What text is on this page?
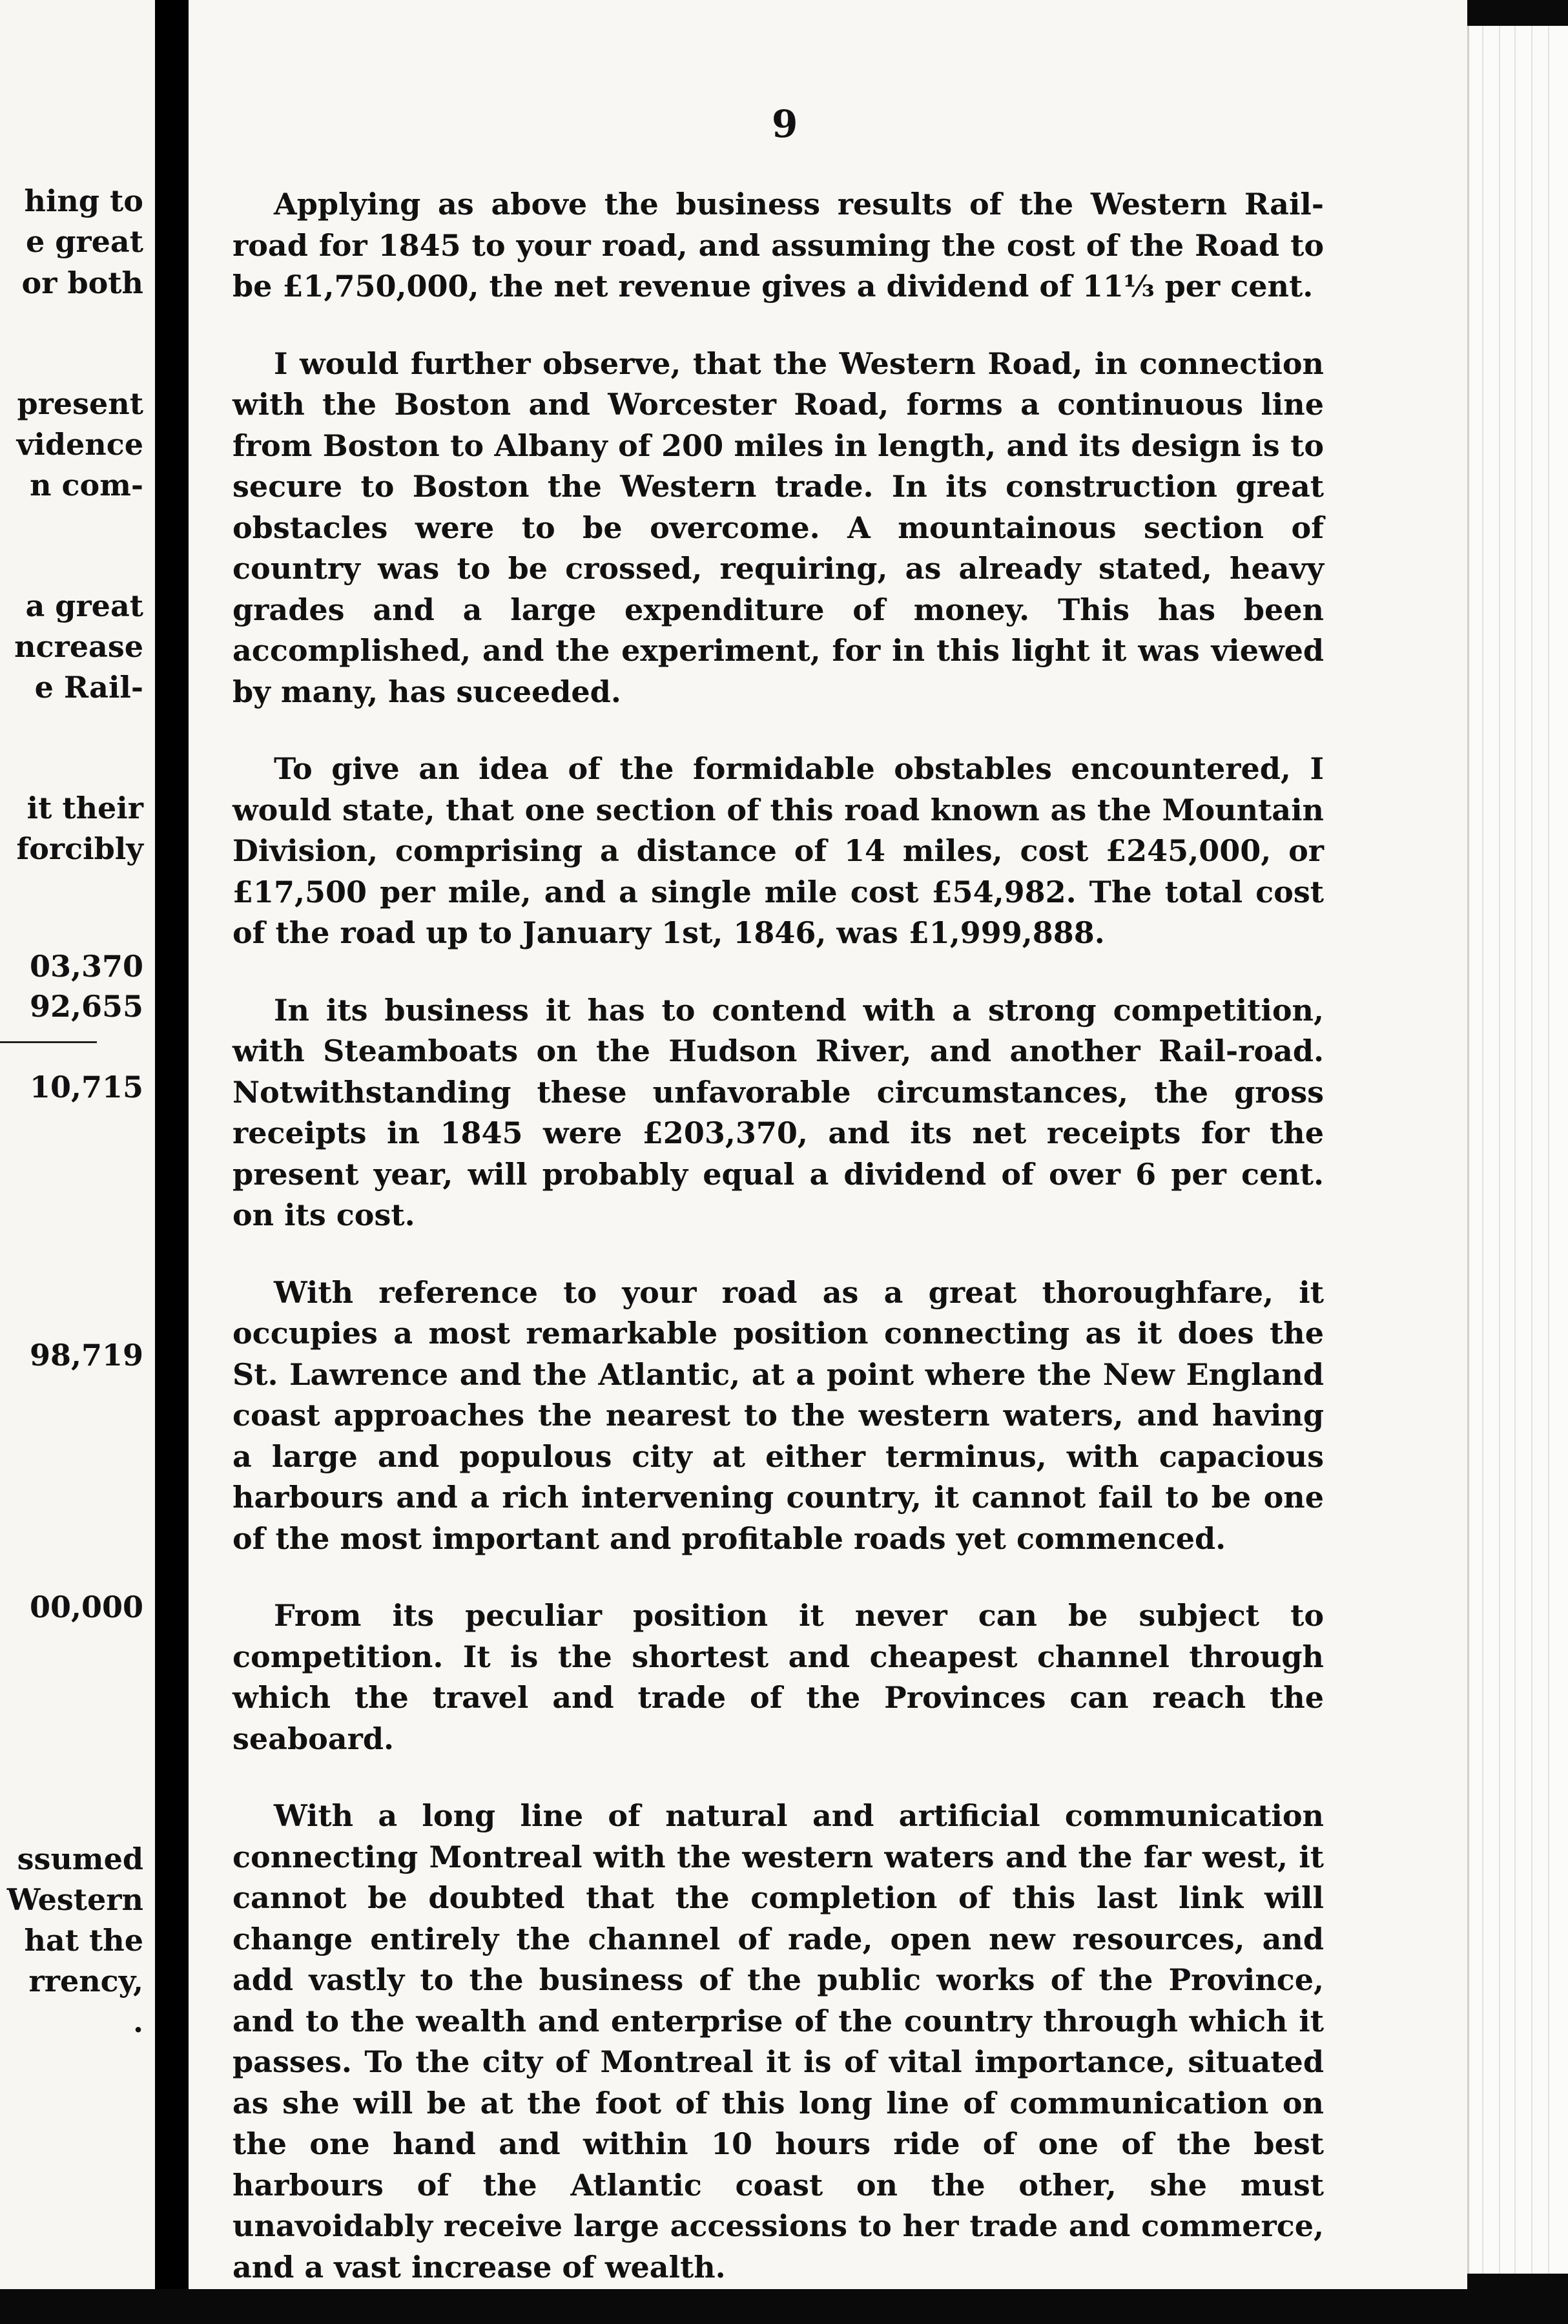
hing to
e great
or both
present
vidence
n com-
a great
ncrease
e Rail-
it their
forcibly
03,370
92,655
10,715
98,719
00,000
ssumed
Western
hat the
rrency,
.
9

Applying as above the business results of the Western Rail-road for 1845 to your road, and assuming the cost of the Road to be £1,750,000, the net revenue gives a dividend of 11⅓ per cent.

I would further observe, that the Western Road, in connection with the Boston and Worcester Road, forms a continuous line from Boston to Albany of 200 miles in length, and its design is to secure to Boston the Western trade. In its construction great obstacles were to be overcome. A mountainous section of country was to be crossed, requiring, as already stated, heavy grades and a large expenditure of money. This has been accomplished, and the experiment, for in this light it was viewed by many, has suceeded.

To give an idea of the formidable obstables encountered, I would state, that one section of this road known as the Mountain Division, comprising a distance of 14 miles, cost £245,000, or £17,500 per mile, and a single mile cost £54,982. The total cost of the road up to January 1st, 1846, was £1,999,888.

In its business it has to contend with a strong competition, with Steamboats on the Hudson River, and another Rail-road. Notwithstanding these unfavorable circumstances, the gross receipts in 1845 were £203,370, and its net receipts for the present year, will probably equal a dividend of over 6 per cent. on its cost.

With reference to your road as a great thoroughfare, it occupies a most remarkable position connecting as it does the St. Lawrence and the Atlantic, at a point where the New England coast approaches the nearest to the western waters, and having a large and populous city at either terminus, with capacious harbours and a rich intervening country, it cannot fail to be one of the most important and profitable roads yet commenced.

From its peculiar position it never can be subject to competition. It is the shortest and cheapest channel through which the travel and trade of the Provinces can reach the seaboard.

With a long line of natural and artificial communication connecting Montreal with the western waters and the far west, it cannot be doubted that the completion of this last link will change entirely the channel of rade, open new resources, and add vastly to the business of the public works of the Province, and to the wealth and enterprise of the country through which it passes. To the city of Montreal it is of vital importance, situated as she will be at the foot of this long line of communication on the one hand and within 10 hours ride of one of the best harbours of the Atlantic coast on the other, she must unavoidably receive large accessions to her trade and commerce, and a vast increase of wealth.
